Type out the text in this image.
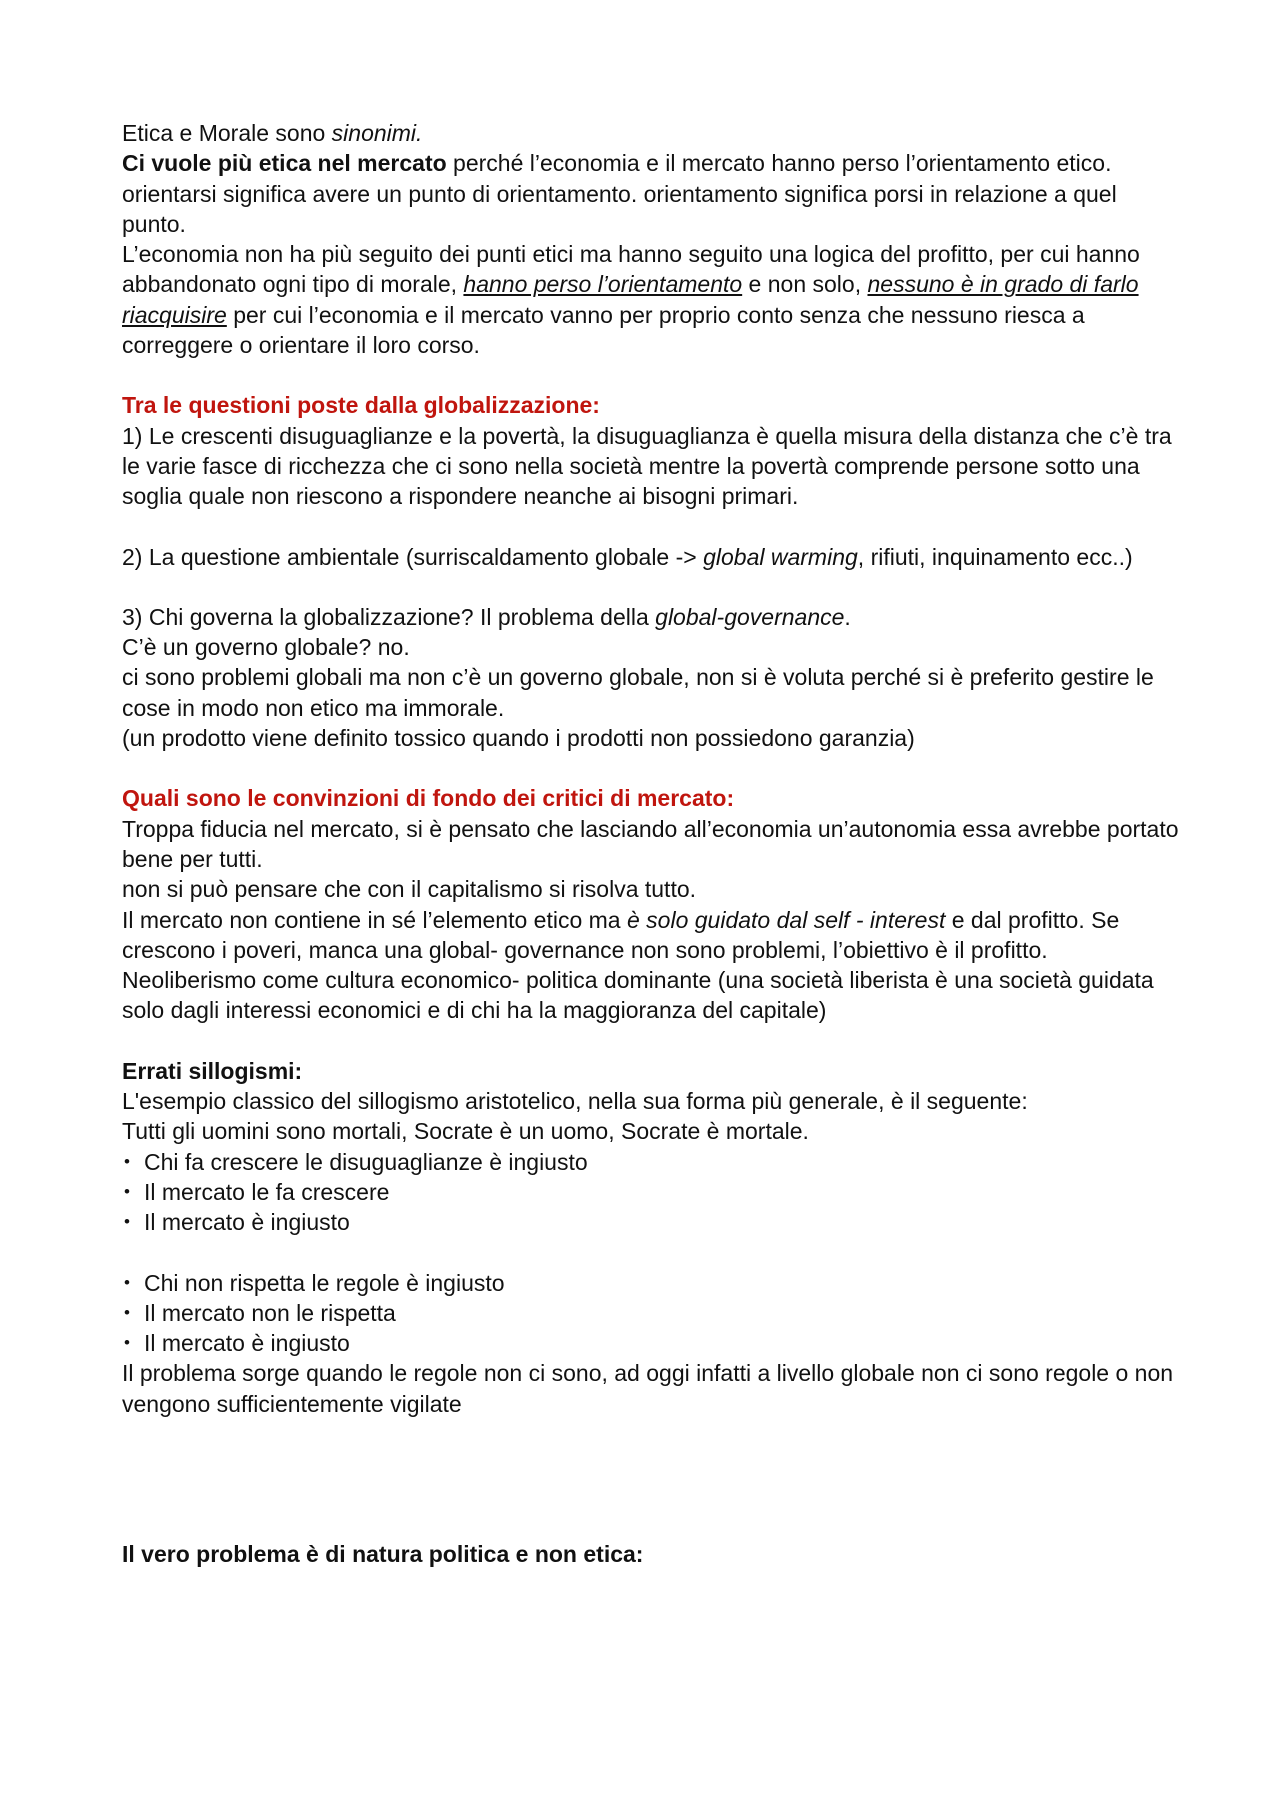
Etica e Morale sono sinonimi.

Ci vuole più etica nel mercato perché l’economia e il mercato hanno perso l’orientamento etico. orientarsi significa avere un punto di orientamento. orientamento significa porsi in relazione a quel punto.

L’economia non ha più seguito dei punti etici ma hanno seguito una logica del profitto, per cui hanno abbandonato ogni tipo di morale, hanno perso l’orientamento e non solo, nessuno è in grado di farlo riacquisire per cui l’economia e il mercato vanno per proprio conto senza che nessuno riesca a correggere o orientare il loro corso.

Tra le questioni poste dalla globalizzazione:

1) Le crescenti disuguaglianze e la povertà, la disuguaglianza è quella misura della distanza che c’è tra le varie fasce di ricchezza che ci sono nella società mentre la povertà comprende persone sotto una soglia quale non riescono a rispondere neanche ai bisogni primari.

2) La questione ambientale (surriscaldamento globale -> global warming, rifiuti, inquinamento ecc..)

3) Chi governa la globalizzazione? Il problema della global-governance.

C’è un governo globale? no.

ci sono problemi globali ma non c’è un governo globale, non si è voluta perché si è preferito gestire le cose in modo non etico ma immorale.

(un prodotto viene definito tossico quando i prodotti non possiedono garanzia)

Quali sono le convinzioni di fondo dei critici di mercato:

Troppa fiducia nel mercato, si è pensato che lasciando all’economia un’autonomia essa avrebbe portato bene per tutti.

non si può pensare che con il capitalismo si risolva tutto.

Il mercato non contiene in sé l’elemento etico ma è solo guidato dal self - interest e dal profitto. Se crescono i poveri, manca una global- governance non sono problemi, l’obiettivo è il profitto.

Neoliberismo come cultura economico- politica dominante (una società liberista è una società guidata solo dagli interessi economici e di chi ha la maggioranza del capitale)

Errati sillogismi:

L'esempio classico del sillogismo aristotelico, nella sua forma più generale, è il seguente:

Tutti gli uomini sono mortali, Socrate è un uomo, Socrate è mortale.

• Chi fa crescere le disuguaglianze è ingiusto
• Il mercato le fa crescere
• Il mercato è ingiusto
• Chi non rispetta le regole è ingiusto
• Il mercato non le rispetta
• Il mercato è ingiusto

Il problema sorge quando le regole non ci sono, ad oggi infatti a livello globale non ci sono regole o non vengono sufficientemente vigilate

Il vero problema è di natura politica e non etica:
